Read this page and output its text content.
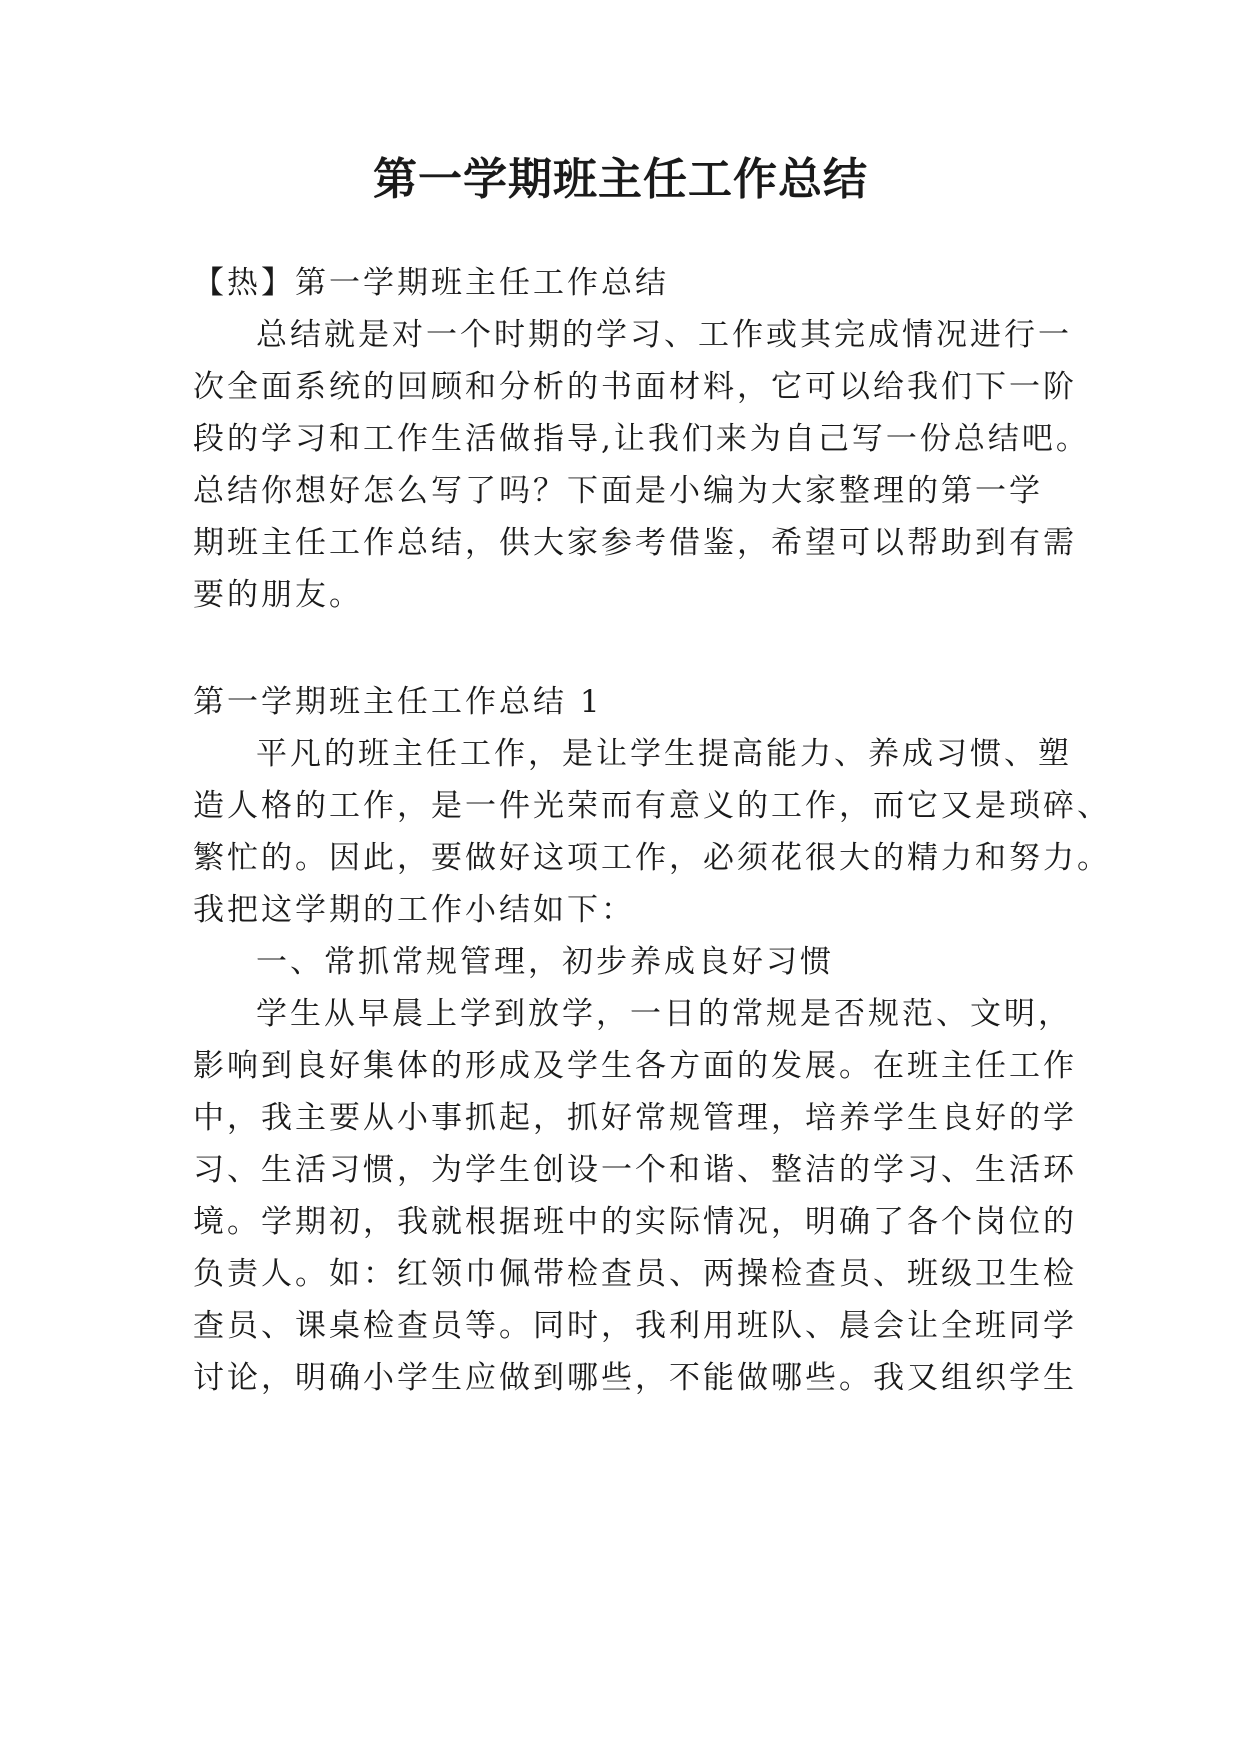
第一学期班主任工作总结
【热】第一学期班主任工作总结
总结就是对一个时期的学习、工作或其完成情况进行一
次全面系统的回顾和分析的书面材料，它可以给我们下一阶
段的学习和工作生活做指导,让我们来为自己写一份总结吧。
总结你想好怎么写了吗？下面是小编为大家整理的第一学
期班主任工作总结，供大家参考借鉴，希望可以帮助到有需
要的朋友。
第一学期班主任工作总结 1
平凡的班主任工作，是让学生提高能力、养成习惯、塑
造人格的工作，是一件光荣而有意义的工作，而它又是琐碎、
繁忙的。因此，要做好这项工作，必须花很大的精力和努力。
我把这学期的工作小结如下：
一、常抓常规管理，初步养成良好习惯
学生从早晨上学到放学，一日的常规是否规范、文明，
影响到良好集体的形成及学生各方面的发展。在班主任工作
中，我主要从小事抓起，抓好常规管理，培养学生良好的学
习、生活习惯，为学生创设一个和谐、整洁的学习、生活环
境。学期初，我就根据班中的实际情况，明确了各个岗位的
负责人。如：红领巾佩带检查员、两操检查员、班级卫生检
查员、课桌检查员等。同时，我利用班队、晨会让全班同学
讨论，明确小学生应做到哪些，不能做哪些。我又组织学生
